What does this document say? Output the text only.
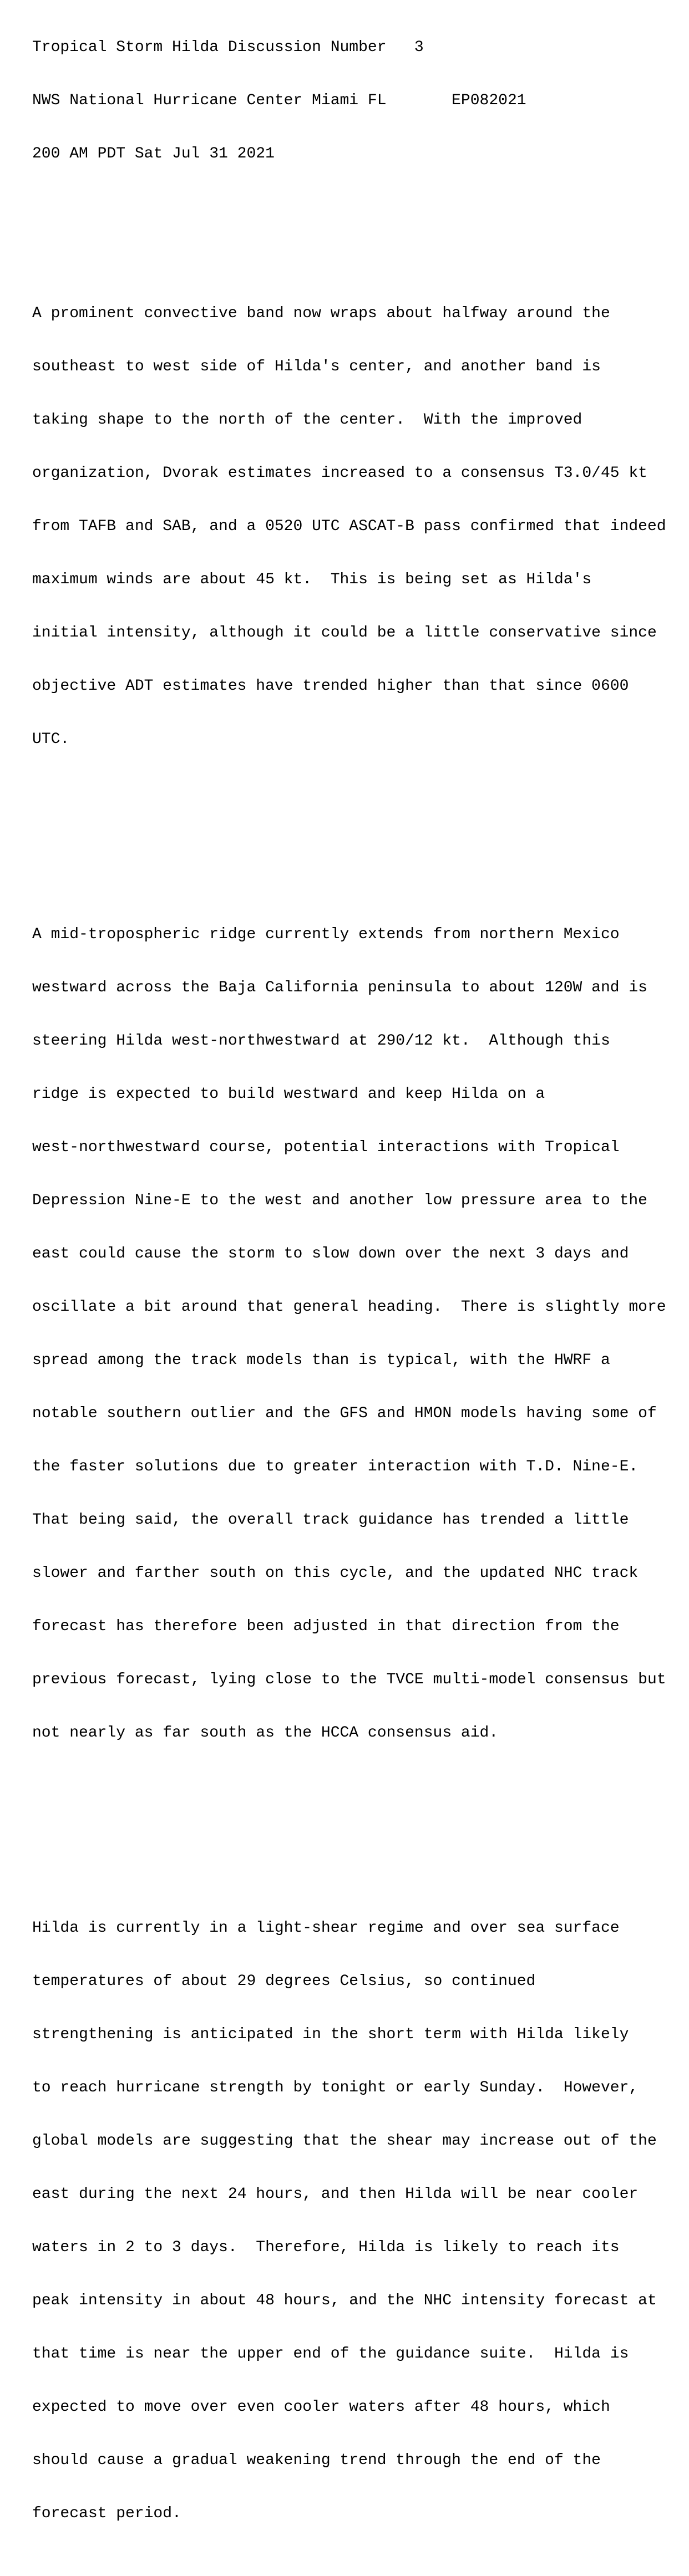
Tropical Storm Hilda Discussion Number   3

NWS National Hurricane Center Miami FL       EP082021

200 AM PDT Sat Jul 31 2021

A prominent convective band now wraps about halfway around the

southeast to west side of Hilda's center, and another band is

taking shape to the north of the center.  With the improved

organization, Dvorak estimates increased to a consensus T3.0/45 kt

from TAFB and SAB, and a 0520 UTC ASCAT-B pass confirmed that indeed

maximum winds are about 45 kt.  This is being set as Hilda's

initial intensity, although it could be a little conservative since

objective ADT estimates have trended higher than that since 0600

UTC.

A mid-tropospheric ridge currently extends from northern Mexico

westward across the Baja California peninsula to about 120W and is

steering Hilda west-northwestward at 290/12 kt.  Although this

ridge is expected to build westward and keep Hilda on a

west-northwestward course, potential interactions with Tropical

Depression Nine-E to the west and another low pressure area to the

east could cause the storm to slow down over the next 3 days and

oscillate a bit around that general heading.  There is slightly more

spread among the track models than is typical, with the HWRF a

notable southern outlier and the GFS and HMON models having some of

the faster solutions due to greater interaction with T.D. Nine-E.

That being said, the overall track guidance has trended a little

slower and farther south on this cycle, and the updated NHC track

forecast has therefore been adjusted in that direction from the

previous forecast, lying close to the TVCE multi-model consensus but

not nearly as far south as the HCCA consensus aid.

Hilda is currently in a light-shear regime and over sea surface

temperatures of about 29 degrees Celsius, so continued

strengthening is anticipated in the short term with Hilda likely

to reach hurricane strength by tonight or early Sunday.  However,

global models are suggesting that the shear may increase out of the

east during the next 24 hours, and then Hilda will be near cooler

waters in 2 to 3 days.  Therefore, Hilda is likely to reach its

peak intensity in about 48 hours, and the NHC intensity forecast at

that time is near the upper end of the guidance suite.  Hilda is

expected to move over even cooler waters after 48 hours, which

should cause a gradual weakening trend through the end of the

forecast period.
